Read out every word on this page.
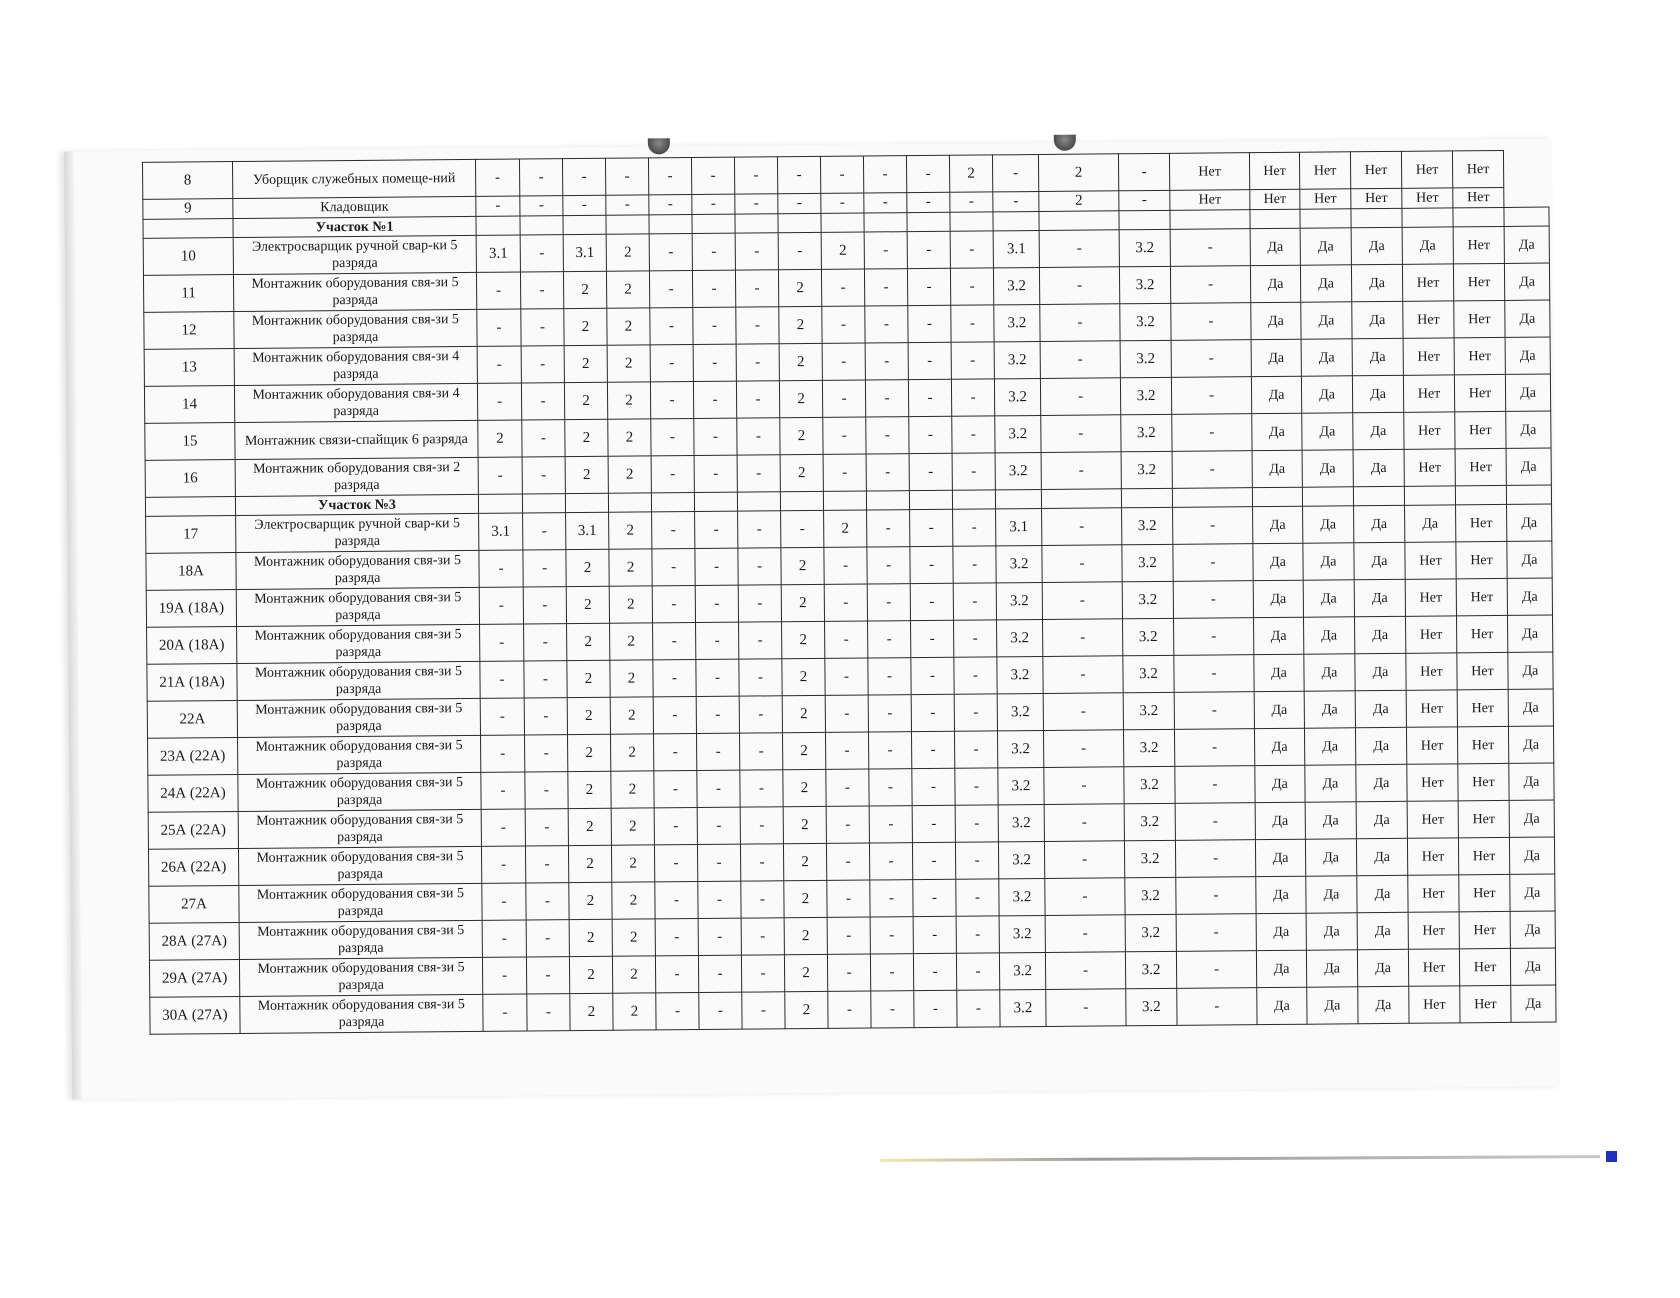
8	Уборщик служебных помеще-ний	-	-	-	-	-	-	-	-	-	-	-	2	-	2	-	Нет	Нет	Нет	Нет	Нет	Нет	
9	Кладовщик	-	-	-	-	-	-	-	-	-	-	-	-	-	2	-	Нет	Нет	Нет	Нет	Нет	Нет	
	Участок №1																						
10	Электросварщик ручной свар-ки 5 разряда	3.1	-	3.1	2	-	-	-	-	2	-	-	-	3.1	-	3.2	-	Да	Да	Да	Да	Нет	Да
11	Монтажник оборудования свя-зи 5 разряда	-	-	2	2	-	-	-	2	-	-	-	-	3.2	-	3.2	-	Да	Да	Да	Нет	Нет	Да
12	Монтажник оборудования свя-зи 5 разряда	-	-	2	2	-	-	-	2	-	-	-	-	3.2	-	3.2	-	Да	Да	Да	Нет	Нет	Да
13	Монтажник оборудования свя-зи 4 разряда	-	-	2	2	-	-	-	2	-	-	-	-	3.2	-	3.2	-	Да	Да	Да	Нет	Нет	Да
14	Монтажник оборудования свя-зи 4 разряда	-	-	2	2	-	-	-	2	-	-	-	-	3.2	-	3.2	-	Да	Да	Да	Нет	Нет	Да
15	Монтажник связи-спайщик 6 разряда	2	-	2	2	-	-	-	2	-	-	-	-	3.2	-	3.2	-	Да	Да	Да	Нет	Нет	Да
16	Монтажник оборудования свя-зи 2 разряда	-	-	2	2	-	-	-	2	-	-	-	-	3.2	-	3.2	-	Да	Да	Да	Нет	Нет	Да
	Участок №3																						
17	Электросварщик ручной свар-ки 5 разряда	3.1	-	3.1	2	-	-	-	-	2	-	-	-	3.1	-	3.2	-	Да	Да	Да	Да	Нет	Да
18А	Монтажник оборудования свя-зи 5 разряда	-	-	2	2	-	-	-	2	-	-	-	-	3.2	-	3.2	-	Да	Да	Да	Нет	Нет	Да
19А (18А)	Монтажник оборудования свя-зи 5 разряда	-	-	2	2	-	-	-	2	-	-	-	-	3.2	-	3.2	-	Да	Да	Да	Нет	Нет	Да
20А (18А)	Монтажник оборудования свя-зи 5 разряда	-	-	2	2	-	-	-	2	-	-	-	-	3.2	-	3.2	-	Да	Да	Да	Нет	Нет	Да
21А (18А)	Монтажник оборудования свя-зи 5 разряда	-	-	2	2	-	-	-	2	-	-	-	-	3.2	-	3.2	-	Да	Да	Да	Нет	Нет	Да
22А	Монтажник оборудования свя-зи 5 разряда	-	-	2	2	-	-	-	2	-	-	-	-	3.2	-	3.2	-	Да	Да	Да	Нет	Нет	Да
23А (22А)	Монтажник оборудования свя-зи 5 разряда	-	-	2	2	-	-	-	2	-	-	-	-	3.2	-	3.2	-	Да	Да	Да	Нет	Нет	Да
24А (22А)	Монтажник оборудования свя-зи 5 разряда	-	-	2	2	-	-	-	2	-	-	-	-	3.2	-	3.2	-	Да	Да	Да	Нет	Нет	Да
25А (22А)	Монтажник оборудования свя-зи 5 разряда	-	-	2	2	-	-	-	2	-	-	-	-	3.2	-	3.2	-	Да	Да	Да	Нет	Нет	Да
26А (22А)	Монтажник оборудования свя-зи 5 разряда	-	-	2	2	-	-	-	2	-	-	-	-	3.2	-	3.2	-	Да	Да	Да	Нет	Нет	Да
27А	Монтажник оборудования свя-зи 5 разряда	-	-	2	2	-	-	-	2	-	-	-	-	3.2	-	3.2	-	Да	Да	Да	Нет	Нет	Да
28А (27А)	Монтажник оборудования свя-зи 5 разряда	-	-	2	2	-	-	-	2	-	-	-	-	3.2	-	3.2	-	Да	Да	Да	Нет	Нет	Да
29А (27А)	Монтажник оборудования свя-зи 5 разряда	-	-	2	2	-	-	-	2	-	-	-	-	3.2	-	3.2	-	Да	Да	Да	Нет	Нет	Да
30А (27А)	Монтажник оборудования свя-зи 5 разряда	-	-	2	2	-	-	-	2	-	-	-	-	3.2	-	3.2	-	Да	Да	Да	Нет	Нет	Да
